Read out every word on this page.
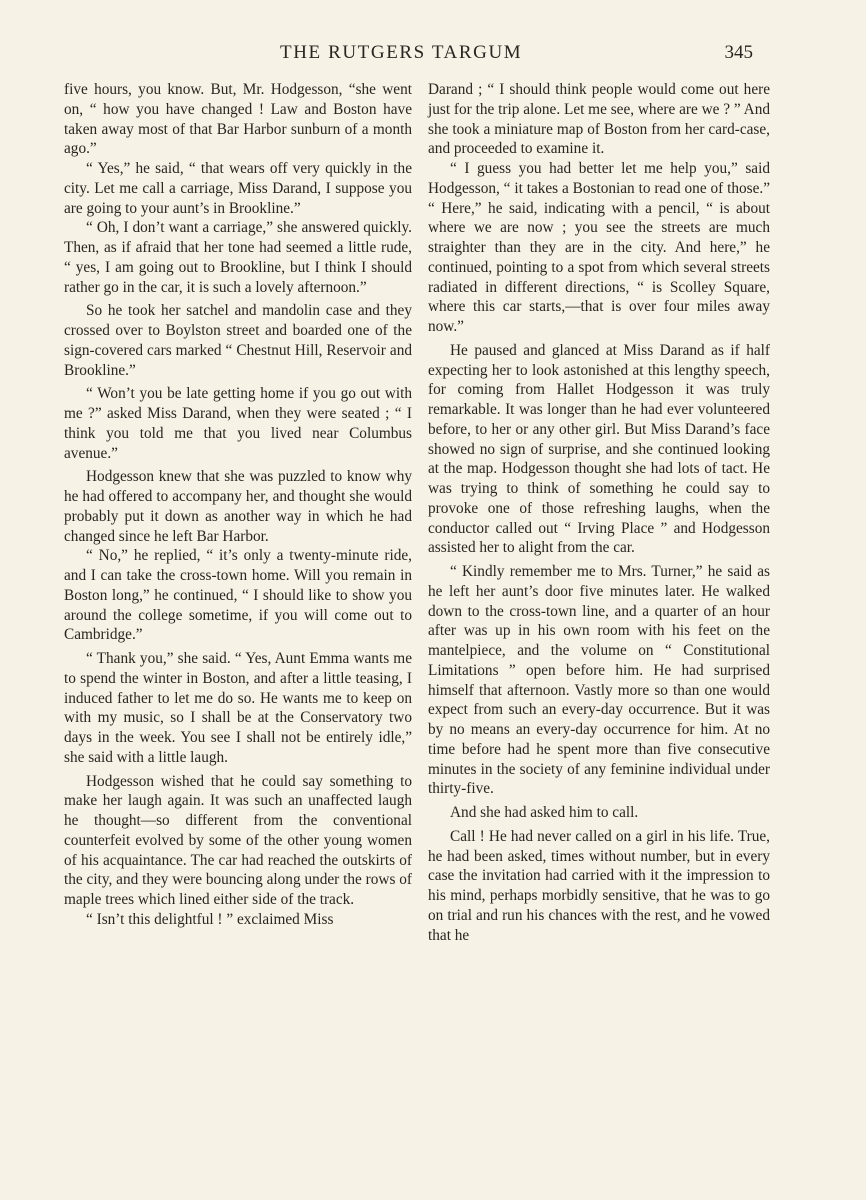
THE RUTGERS TARGUM	345

five hours, you know. But, Mr. Hodgesson, “she went on, “ how you have changed ! Law and Boston have taken away most of that Bar Harbor sunburn of a month ago.”

“ Yes,” he said, “ that wears off very quickly in the city. Let me call a carriage, Miss Darand, I suppose you are going to your aunt’s in Brookline.”

“ Oh, I don’t want a carriage,” she answered quickly. Then, as if afraid that her tone had seemed a little rude, “ yes, I am going out to Brookline, but I think I should rather go in the car, it is such a lovely afternoon.”

So he took her satchel and mandolin case and they crossed over to Boylston street and boarded one of the sign-covered cars marked “ Chestnut Hill, Reservoir and Brookline.”

“ Won’t you be late getting home if you go out with me ?” asked Miss Darand, when they were seated ; “ I think you told me that you lived near Columbus avenue.”

Hodgesson knew that she was puzzled to know why he had offered to accompany her, and thought she would probably put it down as another way in which he had changed since he left Bar Harbor.

“ No,” he replied, “ it’s only a twenty-minute ride, and I can take the cross-town home. Will you remain in Boston long,” he continued, “ I should like to show you around the college sometime, if you will come out to Cambridge.”

“ Thank you,” she said. “ Yes, Aunt Emma wants me to spend the winter in Boston, and after a little teasing, I induced father to let me do so. He wants me to keep on with my music, so I shall be at the Conservatory two days in the week. You see I shall not be entirely idle,” she said with a little laugh.

Hodgesson wished that he could say something to make her laugh again. It was such an unaffected laugh he thought—so different from the conventional counterfeit evolved by some of the other young women of his acquaintance. The car had reached the outskirts of the city, and they were bouncing along under the rows of maple trees which lined either side of the track.

“ Isn’t this delightful ! ” exclaimed Miss

Darand ; “ I should think people would come out here just for the trip alone. Let me see, where are we ? ” And she took a miniature map of Boston from her card-case, and proceeded to examine it.

“ I guess you had better let me help you,” said Hodgesson, “ it takes a Bostonian to read one of those.” “ Here,” he said, indicating with a pencil, “ is about where we are now ; you see the streets are much straighter than they are in the city. And here,” he continued, pointing to a spot from which several streets radiated in different directions, “ is Scolley Square, where this car starts,—that is over four miles away now.”

He paused and glanced at Miss Darand as if half expecting her to look astonished at this lengthy speech, for coming from Hallet Hodgesson it was truly remarkable. It was longer than he had ever volunteered before, to her or any other girl. But Miss Darand’s face showed no sign of surprise, and she continued looking at the map. Hodgesson thought she had lots of tact. He was trying to think of something he could say to provoke one of those refreshing laughs, when the conductor called out “ Irving Place ” and Hodgesson assisted her to alight from the car.

“ Kindly remember me to Mrs. Turner,” he said as he left her aunt’s door five minutes later. He walked down to the cross-town line, and a quarter of an hour after was up in his own room with his feet on the mantelpiece, and the volume on “ Constitutional Limitations ” open before him. He had surprised himself that afternoon. Vastly more so than one would expect from such an every-day occurrence. But it was by no means an every-day occurrence for him. At no time before had he spent more than five consecutive minutes in the society of any feminine individual under thirty-five.

And she had asked him to call.

Call ! He had never called on a girl in his life. True, he had been asked, times without number, but in every case the invitation had carried with it the impression to his mind, perhaps morbidly sensitive, that he was to go on trial and run his chances with the rest, and he vowed that he
